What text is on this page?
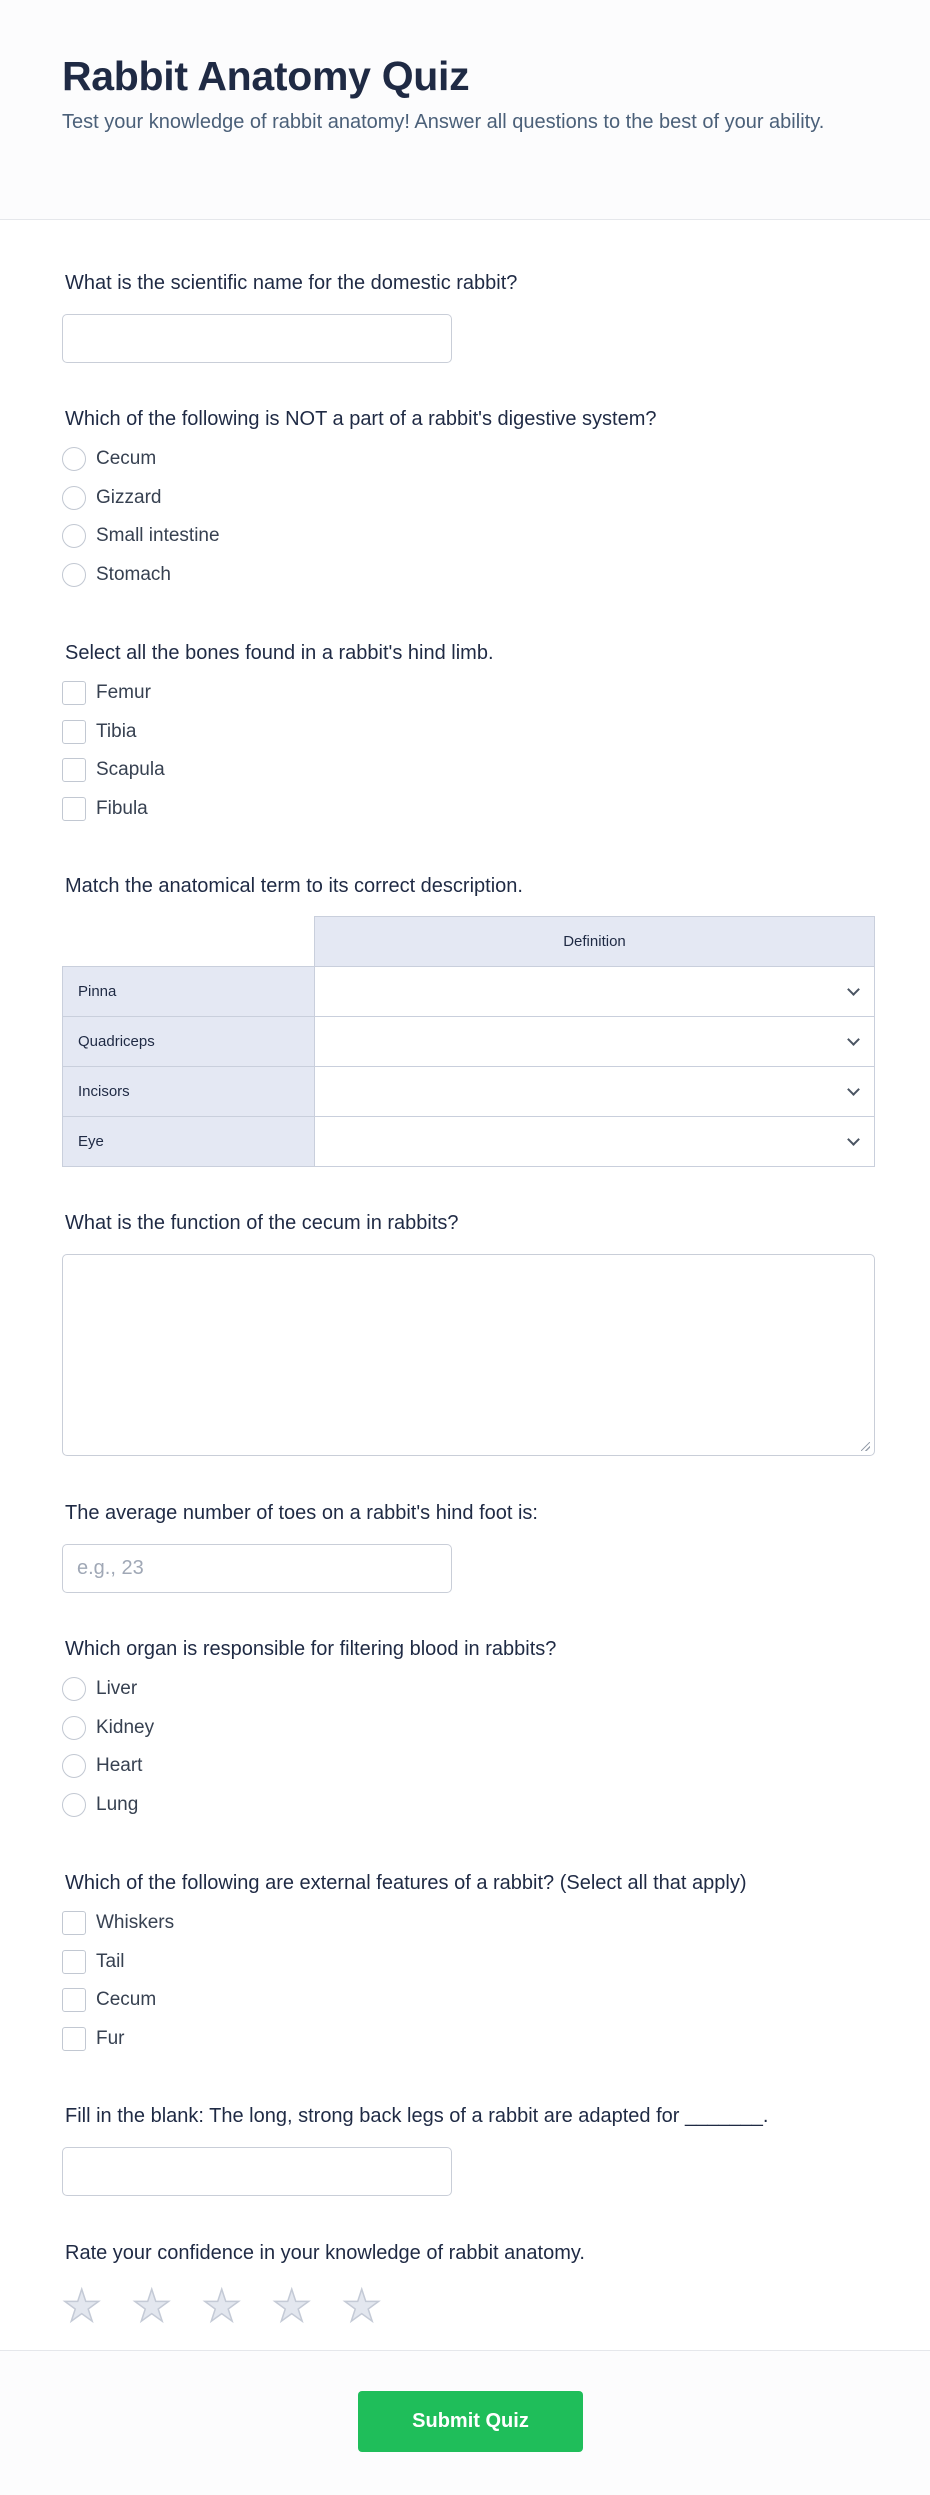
Rabbit Anatomy Quiz

Test your knowledge of rabbit anatomy! Answer all questions to the best of your ability.

What is the scientific name for the domestic rabbit?
Which of the following is NOT a part of a rabbit's digestive system?
Cecum
Gizzard
Small intestine
Stomach
Select all the bones found in a rabbit's hind limb.
Femur
Tibia
Scapula
Fibula
Match the anatomical term to its correct description.
	Definition
Pinna	

Quadriceps	

Incisors	

Eye	
What is the function of the cecum in rabbits?
The average number of toes on a rabbit's hind foot is:
e.g., 23
Which organ is responsible for filtering blood in rabbits?
Liver
Kidney
Heart
Lung
Which of the following are external features of a rabbit? (Select all that apply)
Whiskers
Tail
Cecum
Fur
Fill in the blank: The long, strong back legs of a rabbit are adapted for _______.
Rate your confidence in your knowledge of rabbit anatomy.
★ ★ ★ ★ ★
Submit Quiz
